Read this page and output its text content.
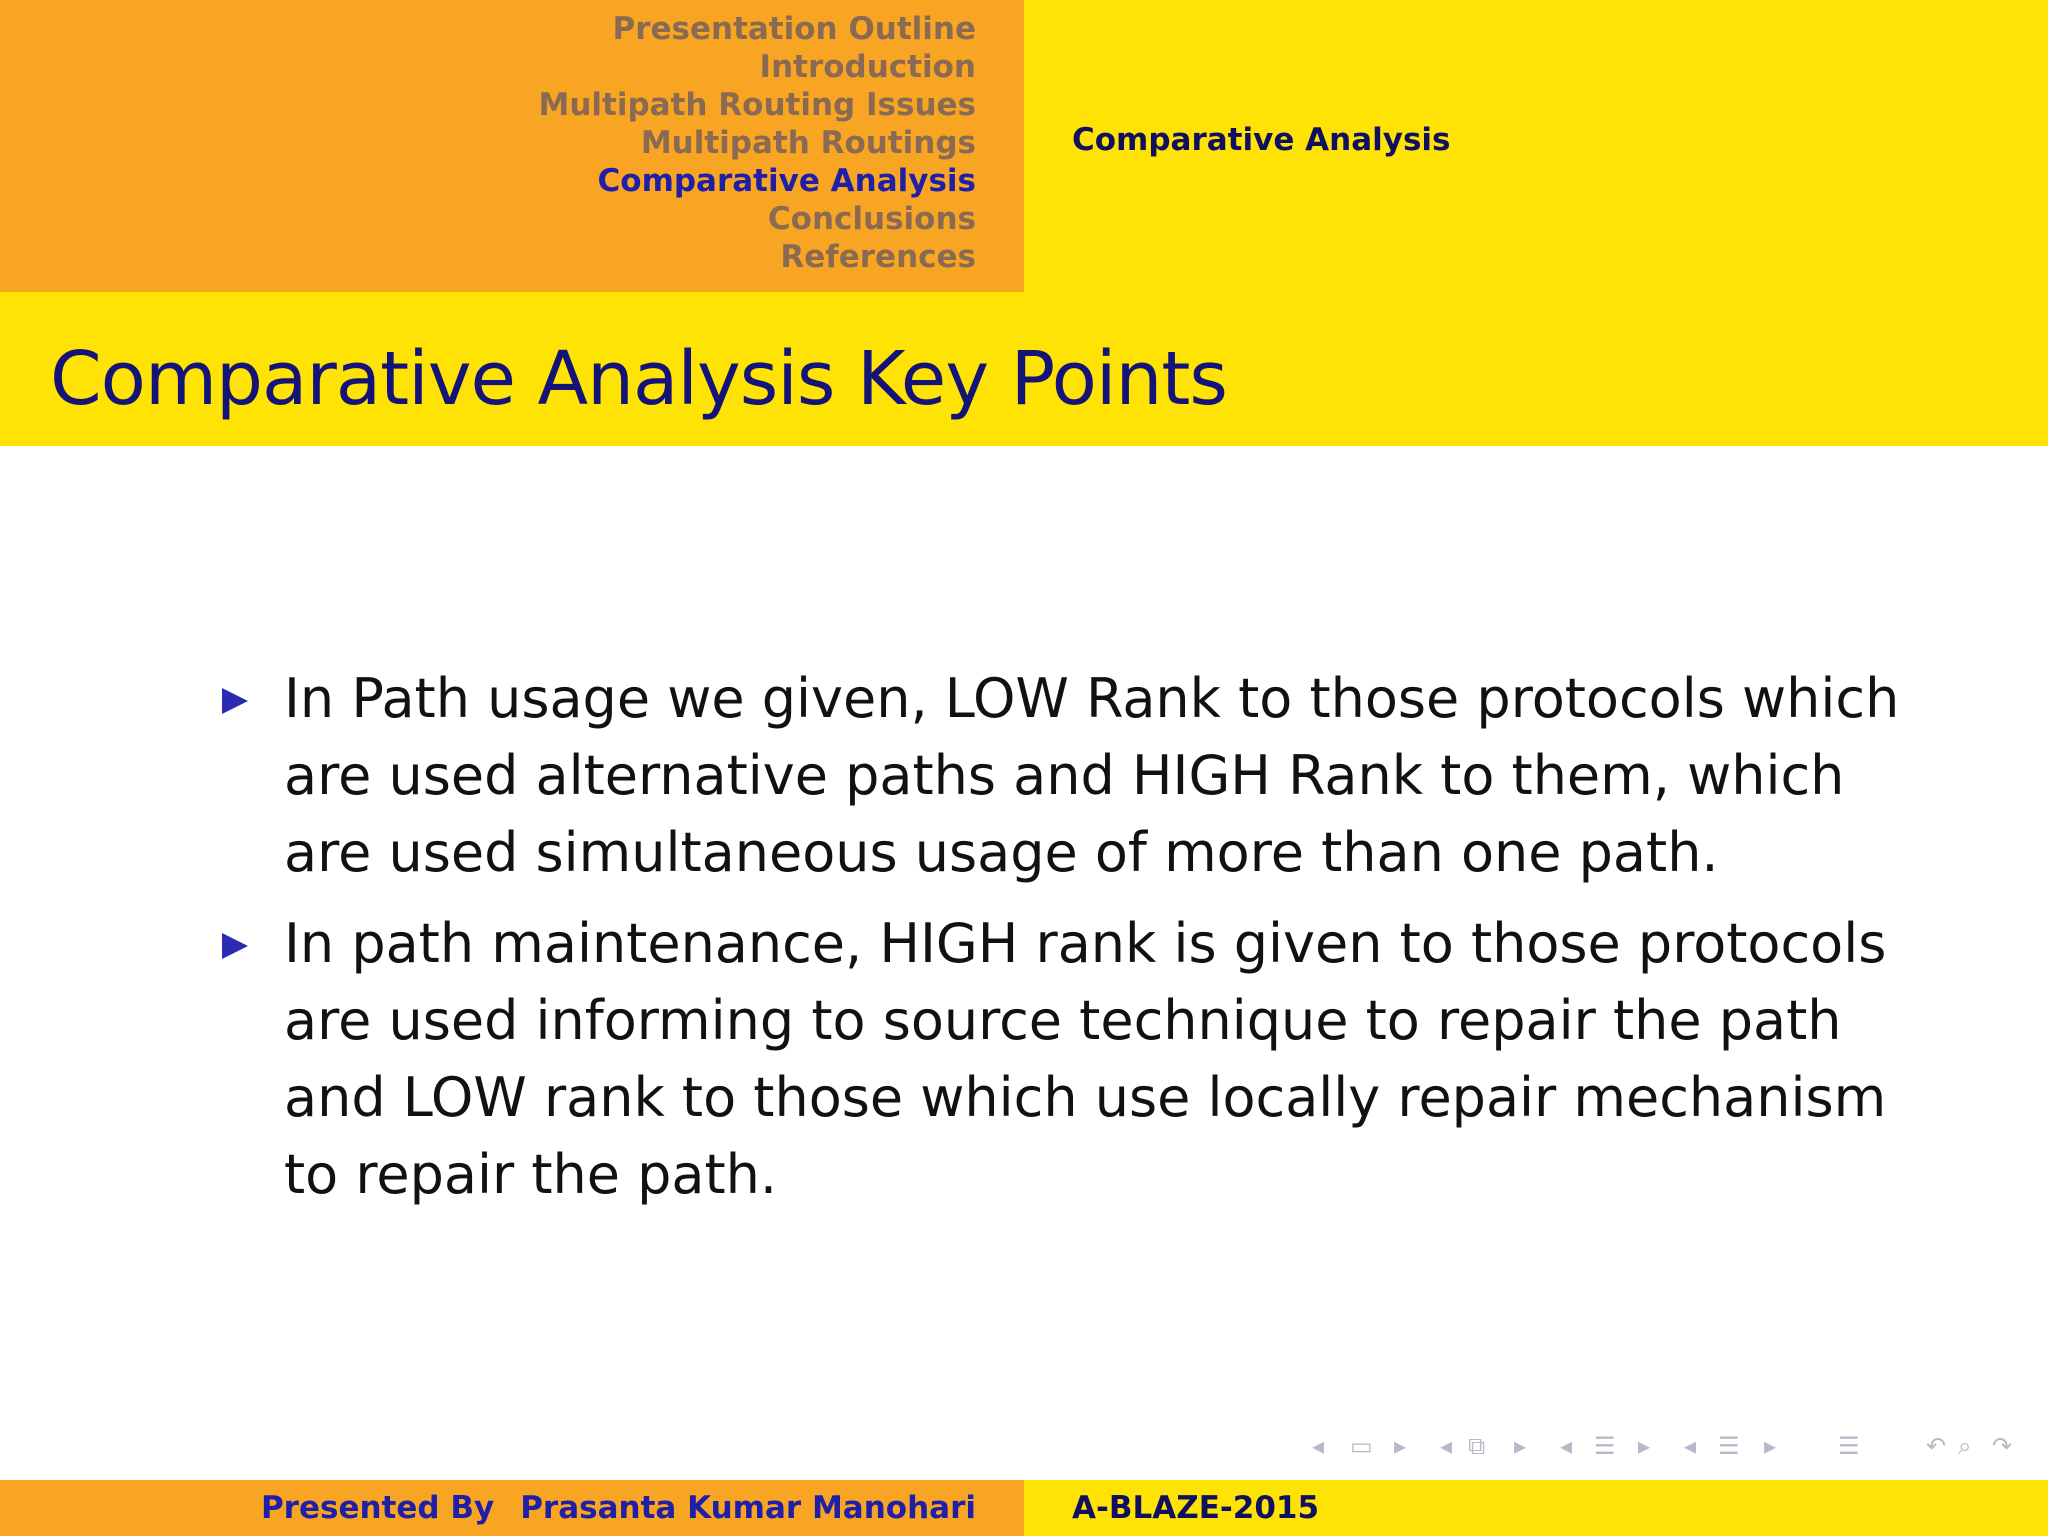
Presentation Outline
Introduction
Multipath Routing Issues
Multipath Routings
Comparative Analysis
Conclusions
References
Comparative Analysis
Comparative Analysis Key Points
In Path usage we given, LOW Rank to those protocols which are used alternative paths and HIGH Rank to them, which are used simultaneous usage of more than one path.
In path maintenance, HIGH rank is given to those protocols are used informing to source technique to repair the path and LOW rank to those which use locally repair mechanism to repair the path.
◂ ▭ ▸ ◂ ⧉ ▸ ◂ ☰ ▸ ◂ ☰ ▸	☰	↶ ⌕ ↷
Presented By Prasanta Kumar Manohari	A-BLAZE-2015
